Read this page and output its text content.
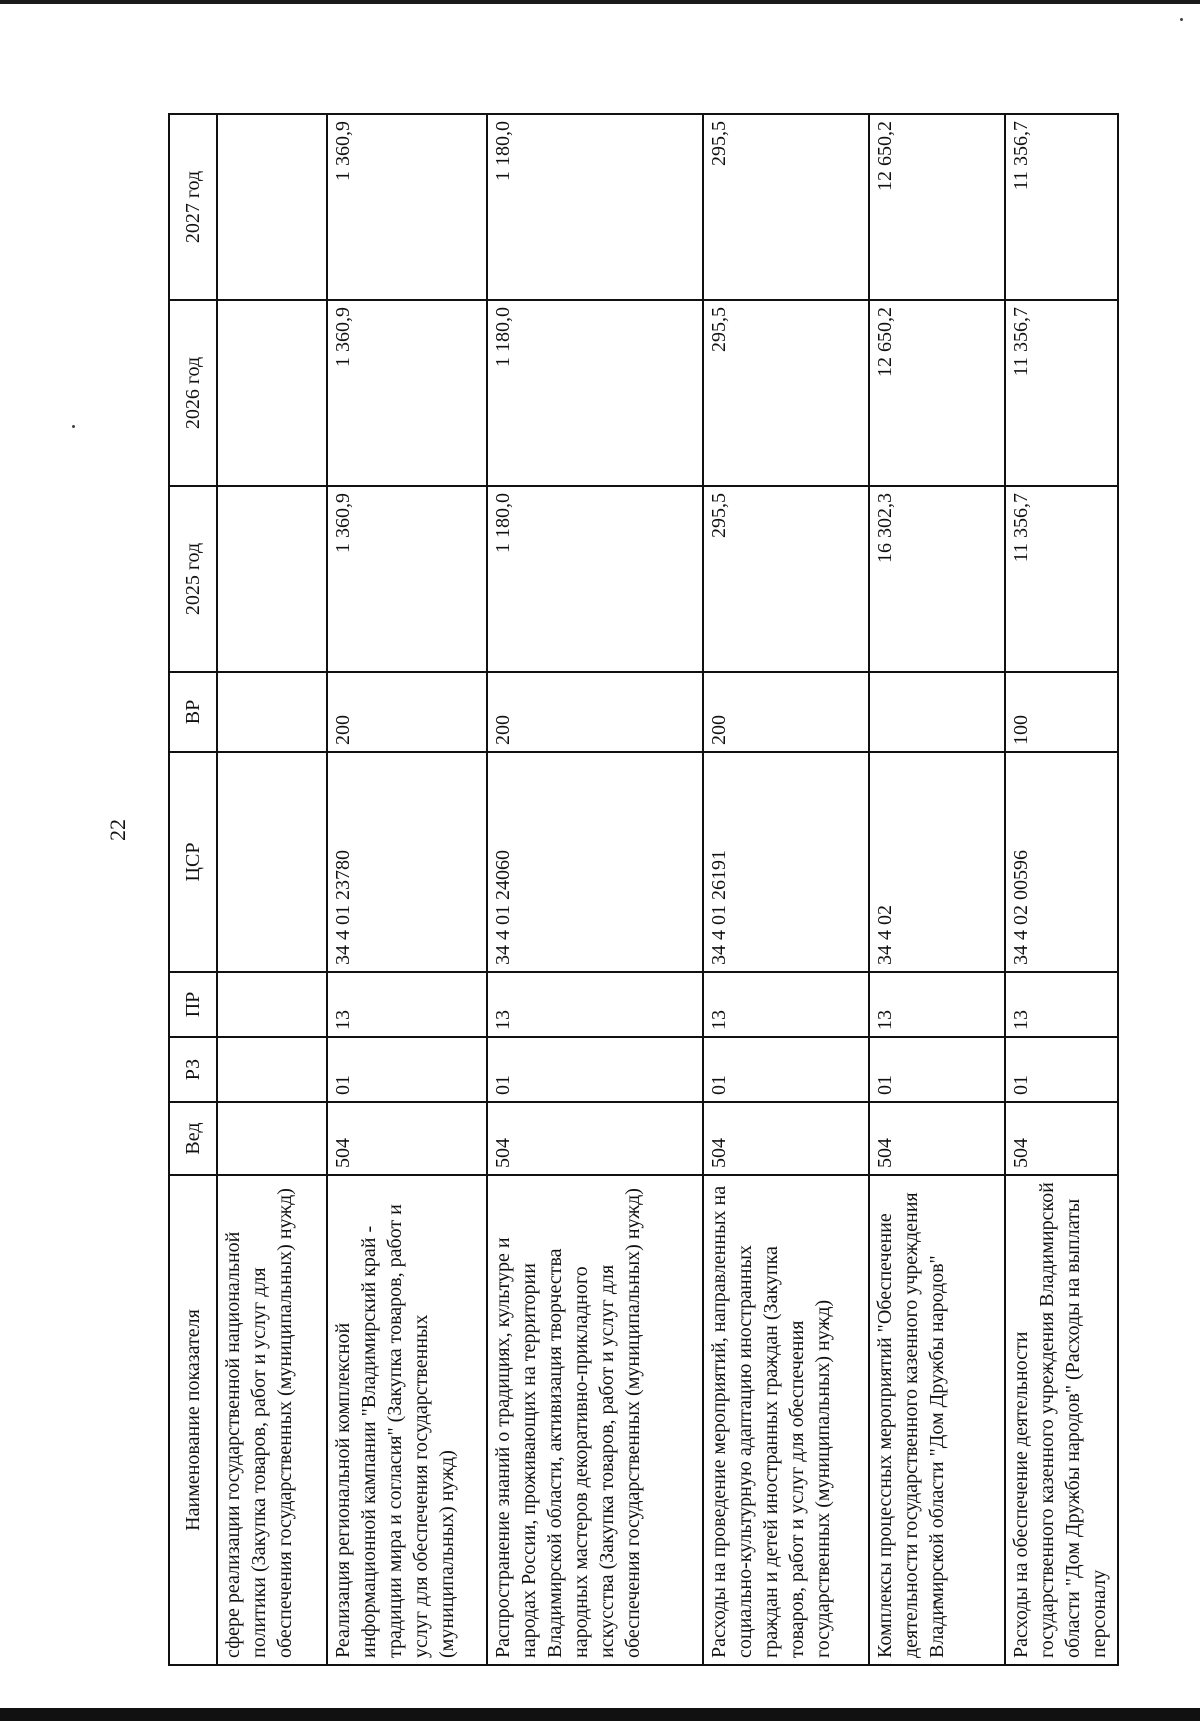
22
Наименование показателя	Вед	РЗ	ПР	ЦСР	ВР	2025 год	2026 год	2027 год
сфере реализации государственной национальной политики (Закупка товаров, работ и услуг для обеспечения государственных (муниципальных) нужд)								
Реализация региональной комплексной информационной кампании "Владимирский край - традиции мира и согласия" (Закупка товаров, работ и услуг для обеспечения государственных (муниципальных) нужд)	504	01	13	34 4 01 23780	200	1 360,9	1 360,9	1 360,9
Распространение знаний о традициях, культуре и народах России, проживающих на территории Владимирской области, активизация творчества народных мастеров декоративно-прикладного искусства (Закупка товаров, работ и услуг для обеспечения государственных (муниципальных) нужд)	504	01	13	34 4 01 24060	200	1 180,0	1 180,0	1 180,0
Расходы на проведение мероприятий, направленных на социально-культурную адаптацию иностранных граждан и детей иностранных граждан (Закупка товаров, работ и услуг для обеспечения государственных (муниципальных) нужд)	504	01	13	34 4 01 26191	200	295,5	295,5	295,5
Комплексы процессных мероприятий "Обеспечение деятельности государственного казенного учреждения Владимирской области "Дом Дружбы народов"	504	01	13	34 4 02		16 302,3	12 650,2	12 650,2
Расходы на обеспечение деятельности государственного казенного учреждения Владимирской области "Дом Дружбы народов" (Расходы на выплаты персоналу	504	01	13	34 4 02 00596	100	11 356,7	11 356,7	11 356,7
